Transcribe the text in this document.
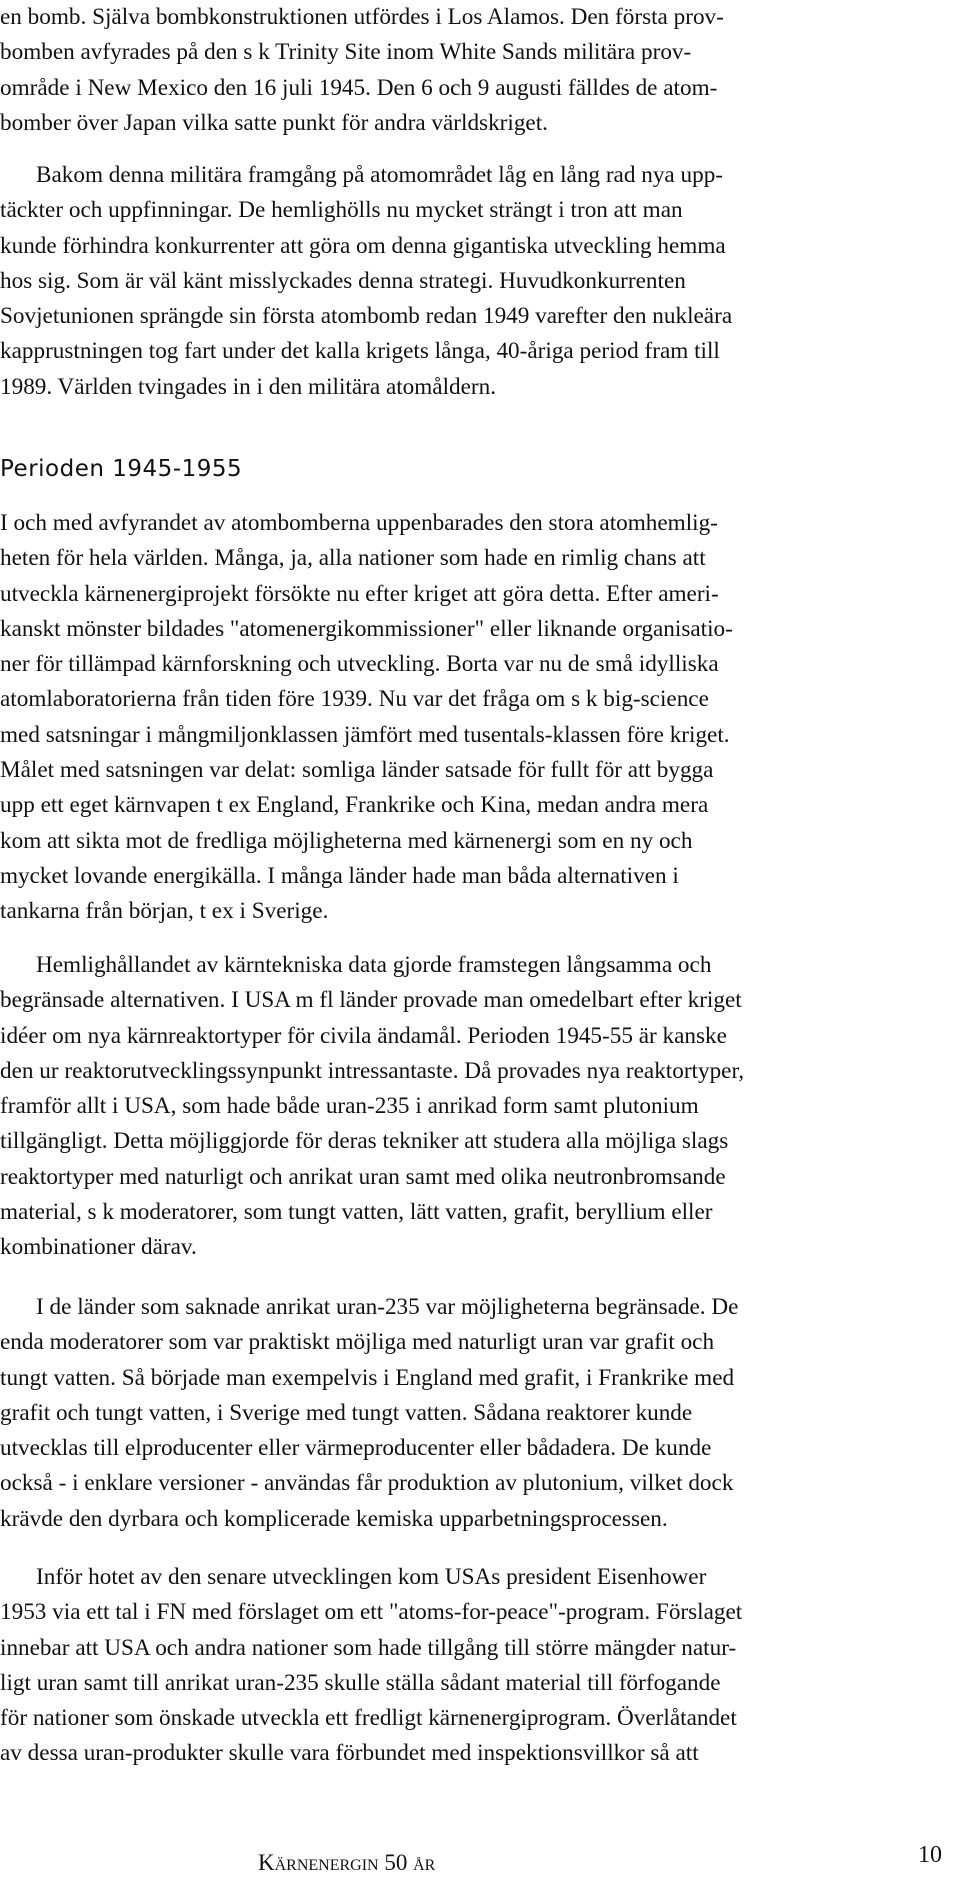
en bomb. Själva bombkonstruktionen utfördes i Los Alamos. Den första prov-
bomben avfyrades på den s k Trinity Site inom White Sands militära prov-
område i New Mexico den 16 juli 1945. Den 6 och 9 augusti fälldes de atom-
bomber över Japan vilka satte punkt för andra världskriget.
Bakom denna militära framgång på atomområdet låg en lång rad nya upp-
täckter och uppfinningar. De hemlighölls nu mycket strängt i tron att man
kunde förhindra konkurrenter att göra om denna gigantiska utveckling hemma
hos sig. Som är väl känt misslyckades denna strategi. Huvudkonkurrenten
Sovjetunionen sprängde sin första atombomb redan 1949 varefter den nukleära
kapprustningen tog fart under det kalla krigets långa, 40-åriga period fram till
1989. Världen tvingades in i den militära atomåldern.
Perioden 1945-1955
I och med avfyrandet av atombomberna uppenbarades den stora atomhemlig-
heten för hela världen. Många, ja, alla nationer som hade en rimlig chans att
utveckla kärnenergiprojekt försökte nu efter kriget att göra detta. Efter ameri-
kanskt mönster bildades "atomenergikommissioner" eller liknande organisatio-
ner för tillämpad kärnforskning och utveckling. Borta var nu de små idylliska
atomlaboratorierna från tiden före 1939. Nu var det fråga om s k big-science
med satsningar i mångmiljonklassen jämfört med tusentals-klassen före kriget.
Målet med satsningen var delat: somliga länder satsade för fullt för att bygga
upp ett eget kärnvapen t ex England, Frankrike och Kina, medan andra mera
kom att sikta mot de fredliga möjligheterna med kärnenergi som en ny och
mycket lovande energikälla. I många länder hade man båda alternativen i
tankarna från början, t ex i Sverige.
Hemlighållandet av kärntekniska data gjorde framstegen långsamma och
begränsade alternativen. I USA m fl länder provade man omedelbart efter kriget
idéer om nya kärnreaktortyper för civila ändamål. Perioden 1945-55 är kanske
den ur reaktorutvecklingssynpunkt intressantaste. Då provades nya reaktortyper,
framför allt i USA, som hade både uran-235 i anrikad form samt plutonium
tillgängligt. Detta möjliggjorde för deras tekniker att studera alla möjliga slags
reaktortyper med naturligt och anrikat uran samt med olika neutronbromsande
material, s k moderatorer, som tungt vatten, lätt vatten, grafit, beryllium eller
kombinationer därav.
I de länder som saknade anrikat uran-235 var möjligheterna begränsade. De
enda moderatorer som var praktiskt möjliga med naturligt uran var grafit och
tungt vatten. Så började man exempelvis i England med grafit, i Frankrike med
grafit och tungt vatten, i Sverige med tungt vatten. Sådana reaktorer kunde
utvecklas till elproducenter eller värmeproducenter eller bådadera. De kunde
också - i enklare versioner - användas får produktion av plutonium, vilket dock
krävde den dyrbara och komplicerade kemiska upparbetningsprocessen.
Inför hotet av den senare utvecklingen kom USAs president Eisenhower
1953 via ett tal i FN med förslaget om ett "atoms-for-peace"-program. Förslaget
innebar att USA och andra nationer som hade tillgång till större mängder natur-
ligt uran samt till anrikat uran-235 skulle ställa sådant material till förfogande
för nationer som önskade utveckla ett fredligt kärnenergiprogram. Överlåtandet
av dessa uran-produkter skulle vara förbundet med inspektionsvillkor så att
Kärnenergin 50 år	10
